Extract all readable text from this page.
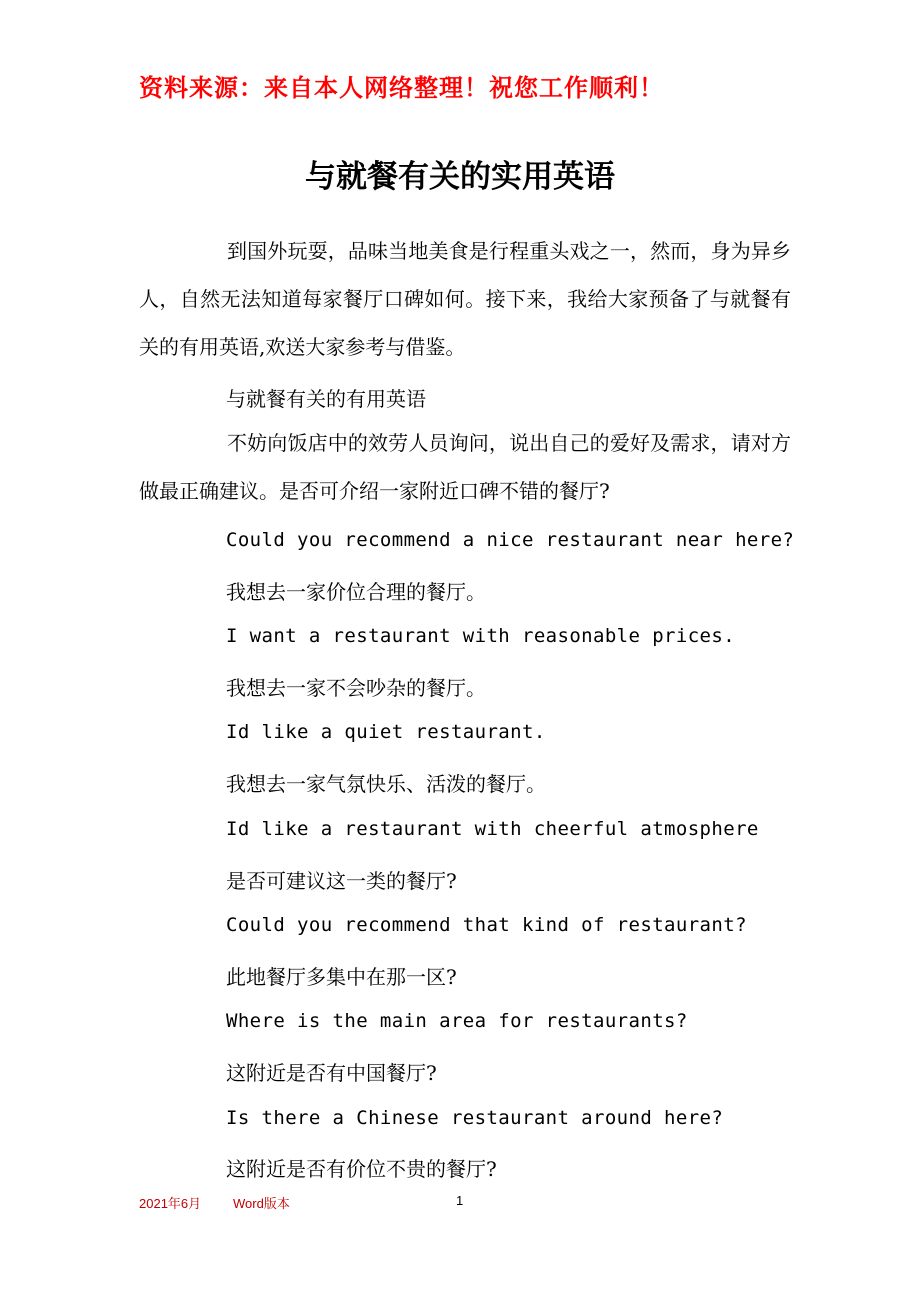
资料来源：来自本人网络整理！祝您工作顺利！
与就餐有关的实用英语
到国外玩耍，品味当地美食是行程重头戏之一，然而，身为异乡人，自然无法知道每家餐厅口碑如何。接下来，我给大家预备了与就餐有关的有用英语,欢送大家参考与借鉴。
与就餐有关的有用英语
不妨向饭店中的效劳人员询问，说出自己的爱好及需求，请对方做最正确建议。是否可介绍一家附近口碑不错的餐厅?
Could you recommend a nice restaurant near here?
我想去一家价位合理的餐厅。
I want a restaurant with reasonable prices.
我想去一家不会吵杂的餐厅。
Id like a quiet restaurant.
我想去一家气氛快乐、活泼的餐厅。
Id like a restaurant with cheerful atmosphere
是否可建议这一类的餐厅?
Could you recommend that kind of restaurant?
此地餐厅多集中在那一区?
Where is the main area for restaurants?
这附近是否有中国餐厅?
Is there a Chinese restaurant around here?
这附近是否有价位不贵的餐厅?
2021年6月 Word版本	1
